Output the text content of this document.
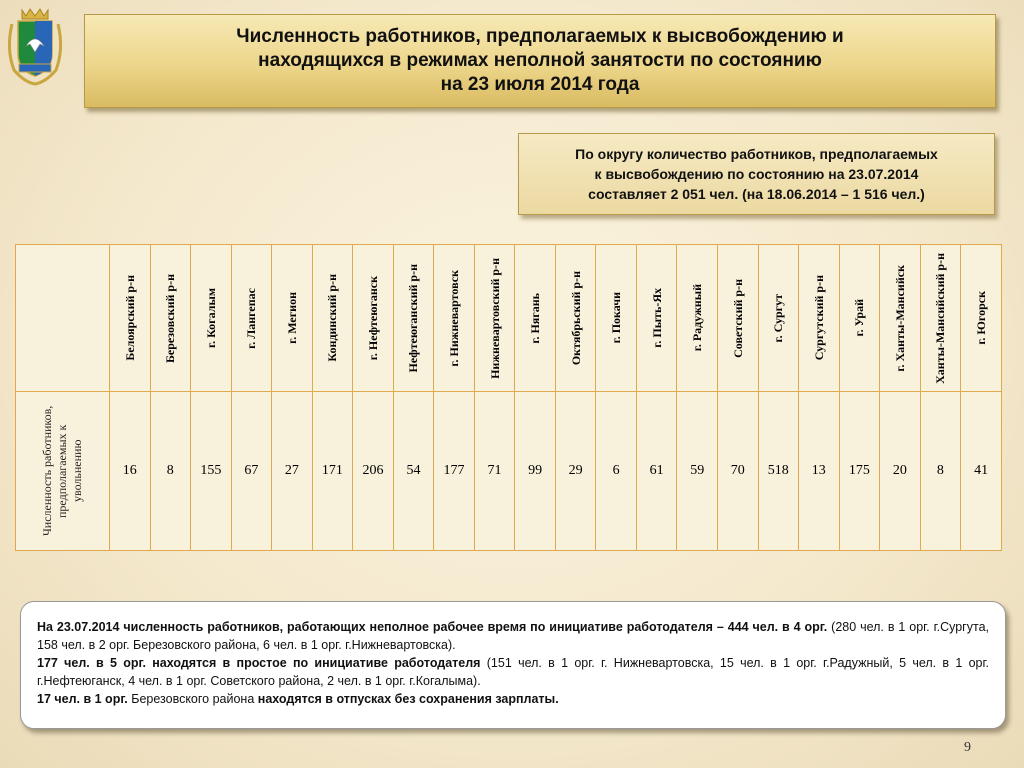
Численность работников, предполагаемых к высвобождению и
находящихся в режимах неполной занятости по состоянию
на 23 июля 2014 года
По округу количество работников, предполагаемых
к высвобождению по состоянию на 23.07.2014
составляет 2 051 чел. (на 18.06.2014 – 1 516 чел.)

	Белоярский р-н	Березовский р-н	г. Когалым	г. Лангепас	г. Мегион	Кондинский р-н	г. Нефтеюганск	Нефтеюганский р-н	г. Нижневартовск	Нижневартовский р-н	г. Нягань	Октябрьский р-н	г. Покачи	г. Пыть-Ях	г. Радужный	Советский р-н	г. Сургут	Сургутский р-н	г. Урай	г. Ханты-Мансийск	Ханты-Мансийский р-н	г. Югорск

Численность работников, предполагаемых к увольнению	16	8	155	67	27	171	206	54	177	71	99	29	6	61	59	70	518	13	175	20	8	41

На 23.07.2014 численность работников, работающих неполное рабочее время по инициативе работодателя – 444 чел. в 4 орг. (280 чел. в 1 орг. г.Сургута, 158 чел. в 2 орг. Березовского района, 6 чел. в 1 орг. г.Нижневартовска).

177 чел. в 5 орг. находятся в простое по инициативе работодателя (151 чел. в 1 орг. г. Нижневартовска, 15 чел. в 1 орг. г.Радужный, 5 чел. в 1 орг. г.Нефтеюганск, 4 чел. в 1 орг. Советского района, 2 чел. в 1 орг. г.Когалыма).

17 чел. в 1 орг. Березовского района находятся в отпусках без сохранения зарплаты.

9
